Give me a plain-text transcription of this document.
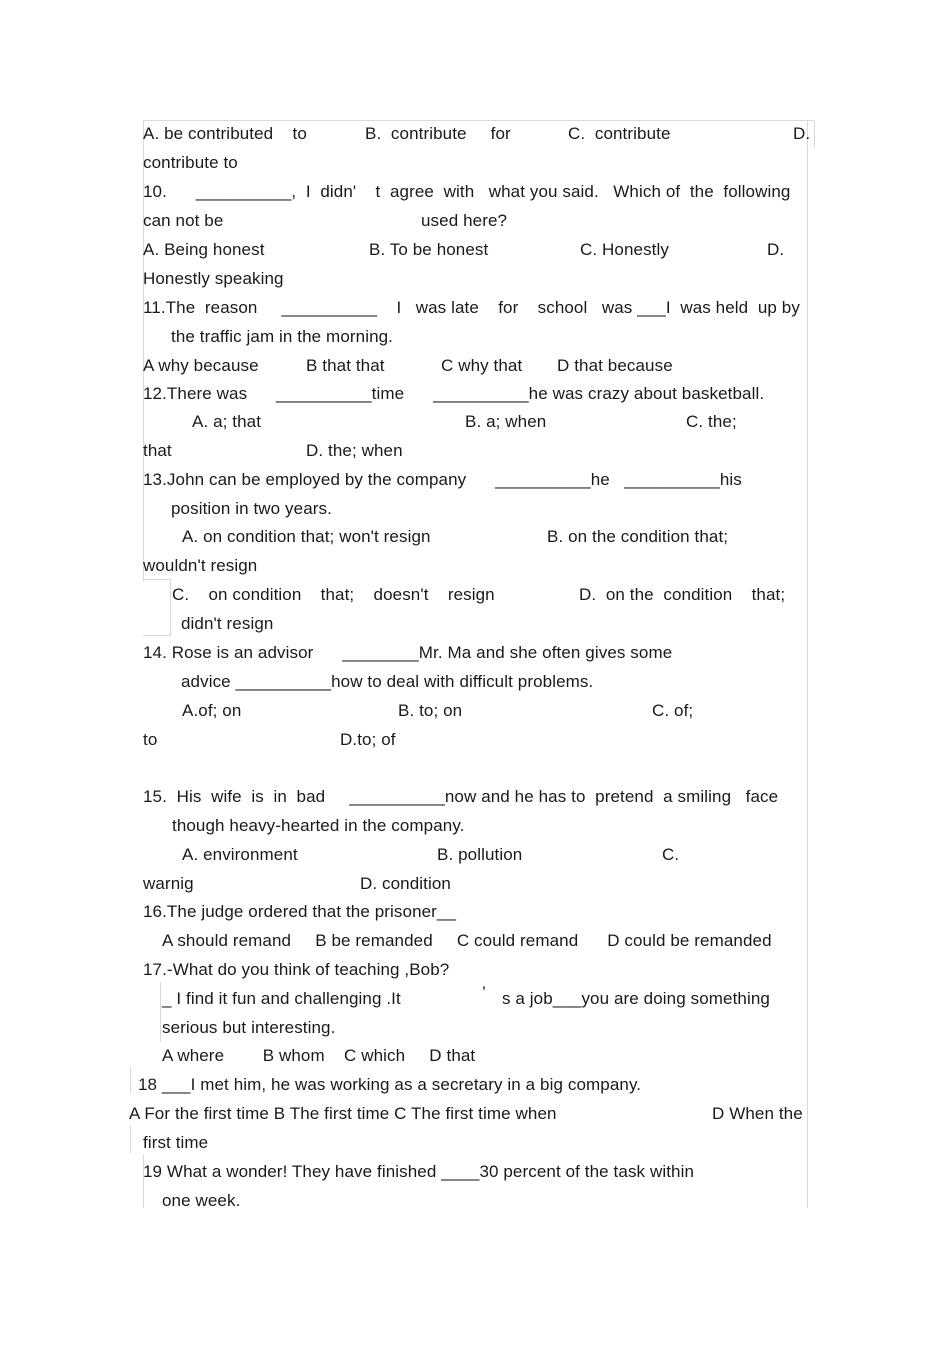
A. be contributed    to	B.  contribute     for	C.  contribute	D.
contribute to
10.      __________,  I  didn'    t  agree  with   what you said.   Which of  the  following
can not be	used here?
A. Being honest	B. To be honest	C. Honestly	D.
Honestly speaking
11.The  reason     __________    I   was late    for    school   was ___I  was held  up by
the traffic jam in the morning.
A why because	B that that	C why that D that because
12.There was      __________time      __________he was crazy about basketball.
A. a; that	B. a; when	C. the;
that	D. the; when
13.John can be employed by the company      __________he   __________his
position in two years.
A. on condition that; won't resign	B. on the condition that;
wouldn't resign
C.    on condition    that;    doesn't    resign	D.  on the  condition    that;
didn't resign
14. Rose is an advisor      ________Mr. Ma and she often gives some
advice __________how to deal with difficult problems.
A.of; on	B. to; on	C. of;
to	D.to; of
15.  His  wife  is  in  bad     __________now and he has to  pretend  a smiling   face
though heavy-hearted in the company.
A. environment	B. pollution	C.
warnig	D. condition
16.The judge ordered that the prisoner__
A should remand     B be remanded     C could remand      D could be remanded
17.-What do you think of teaching ,Bob?
_ I find it fun and challenging .It	’ s a job___you are doing something
serious but interesting.
A where        B whom    C which     D that
18 ___I met him, he was working as a secretary in a big company.
A For the first time B The first time C The first time when	D When the
first time
19 What a wonder! They have finished ____30 percent of the task within
one week.
